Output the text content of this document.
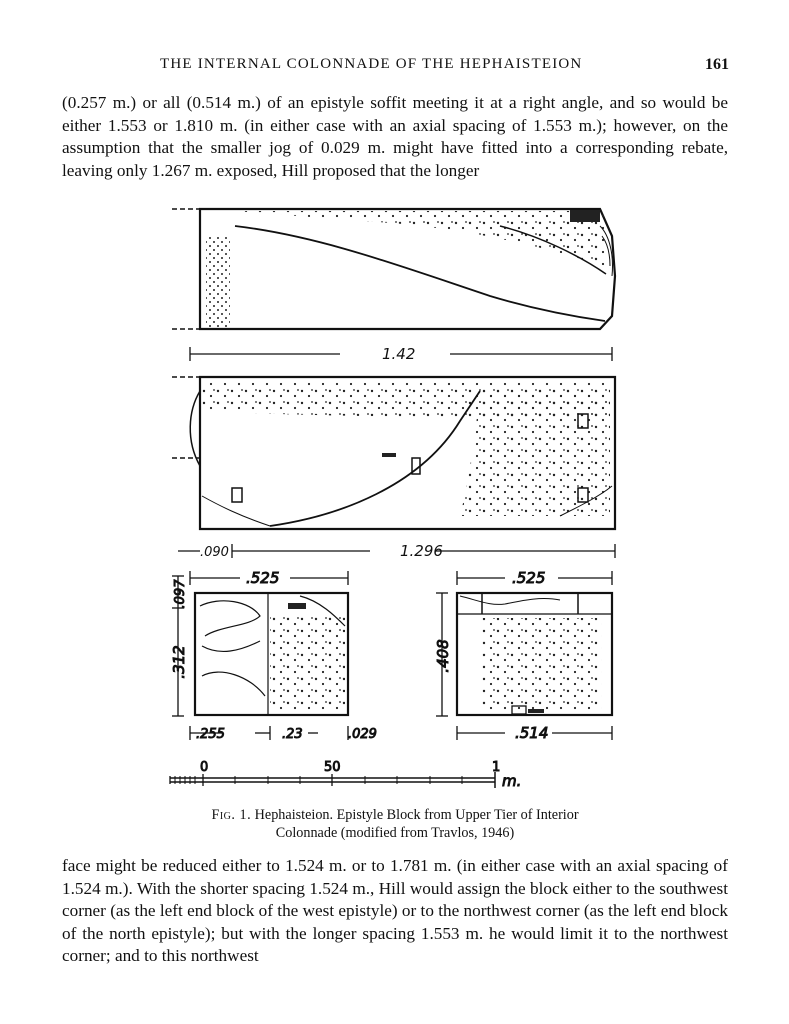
THE INTERNAL COLONNADE OF THE HEPHAISTEION	161

(0.257 m.) or all (0.514 m.) of an epistyle soffit meeting it at a right angle, and so would be either 1.553 or 1.810 m. (in either case with an axial spacing of 1.553 m.); however, on the assumption that the smaller jog of 0.029 m. might have fitted into a corresponding rebate, leaving only 1.267 m. exposed, Hill proposed that the longer

1.42
.090	1.296
.525
.097
.312
.255	.23	.029
.525
.408
.514
0	50	1
m.
Fig. 1. Hephaisteion. Epistyle Block from Upper Tier of Interior
Colonnade (modified from Travlos, 1946)

face might be reduced either to 1.524 m. or to 1.781 m. (in either case with an axial spacing of 1.524 m.). With the shorter spacing 1.524 m., Hill would assign the block either to the southwest corner (as the left end block of the west epistyle) or to the northwest corner (as the left end block of the north epistyle); but with the longer spacing 1.553 m. he would limit it to the northwest corner; and to this northwest
